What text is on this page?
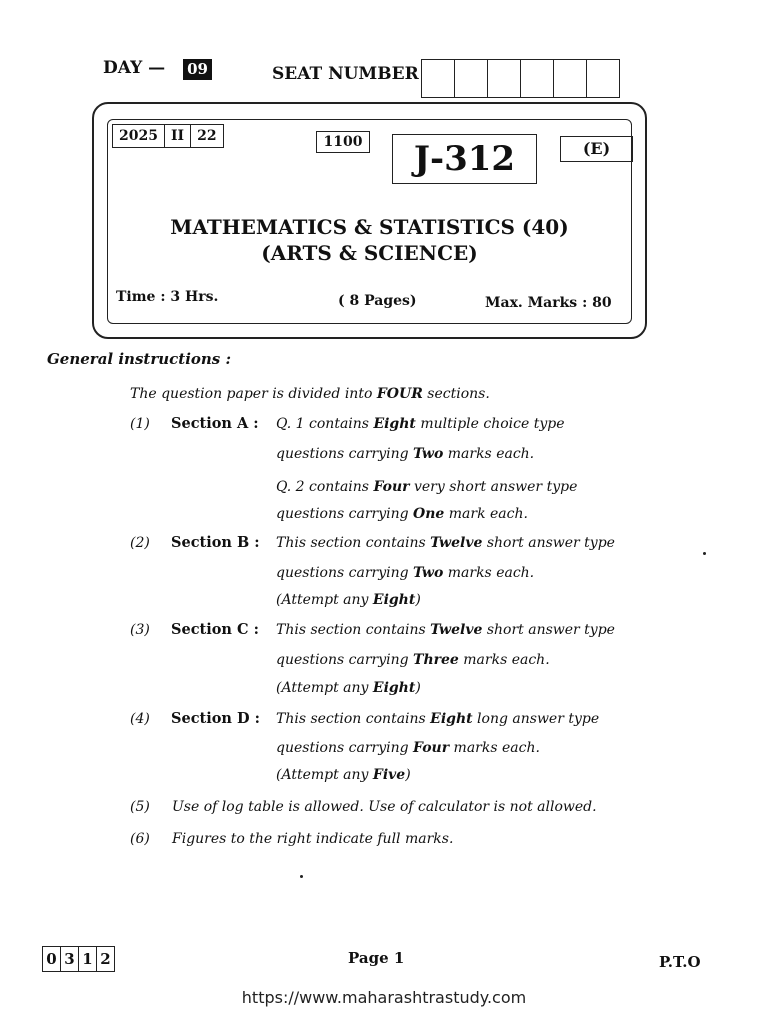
DAY — 09	SEAT NUMBER
2025 II 22	1100	J-312	(E)
MATHEMATICS & STATISTICS (40)
(ARTS & SCIENCE)
Time : 3 Hrs.	( 8 Pages)	Max. Marks : 80
General instructions :
The question paper is divided into FOUR sections.
(1) Section A : Q. 1 contains Eight multiple choice type
questions carrying Two marks each.
Q. 2 contains Four very short answer type
questions carrying One mark each.
(2) Section B : This section contains Twelve short answer type
questions carrying Two marks each.
(Attempt any Eight)
(3) Section C : This section contains Twelve short answer type
questions carrying Three marks each.
(Attempt any Eight)
(4) Section D : This section contains Eight long answer type
questions carrying Four marks each.
(Attempt any Five)
(5) Use of log table is allowed. Use of calculator is not allowed.
(6) Figures to the right indicate full marks.
0 3 1 2	Page 1	P.T.O
https://www.maharashtrastudy.com
